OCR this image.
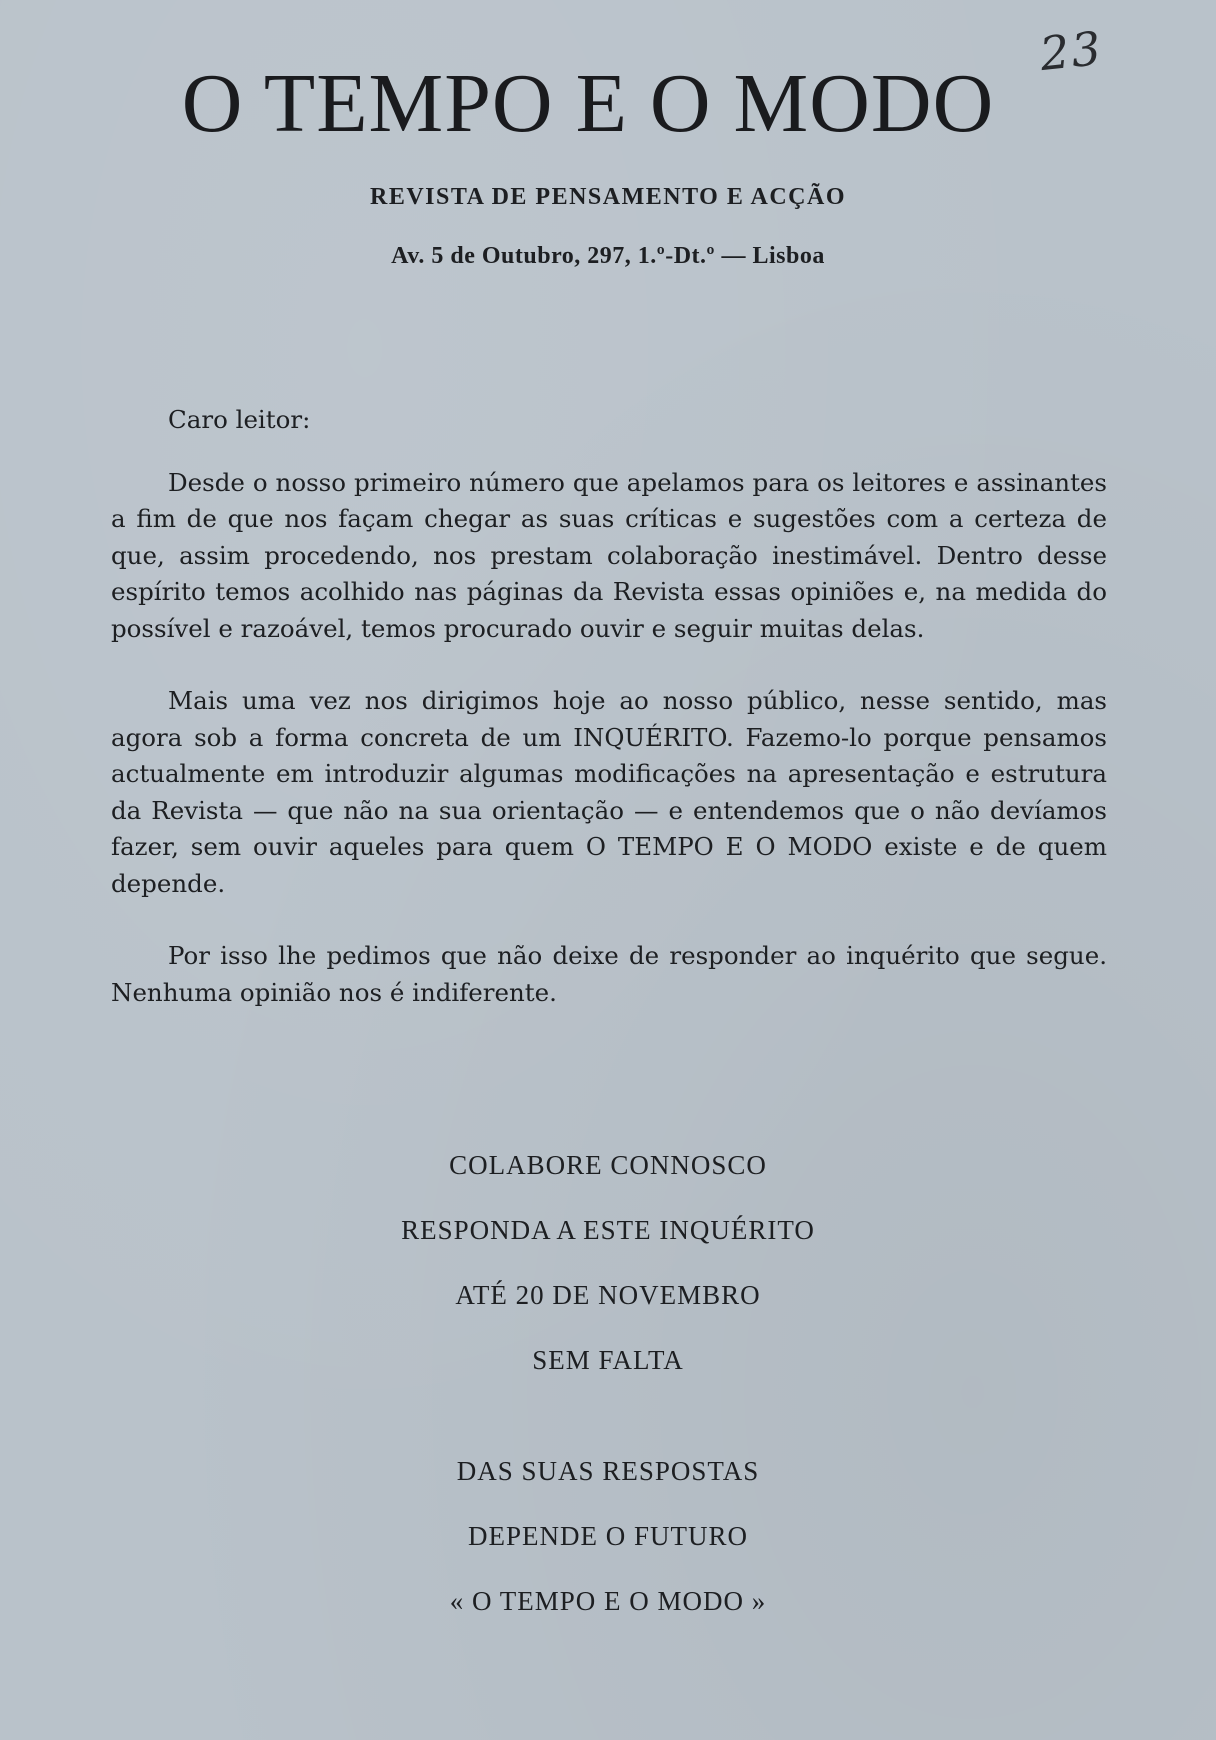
23
O TEMPO E O MODO
REVISTA DE PENSAMENTO E ACÇÃO
Av. 5 de Outubro, 297, 1.º-Dt.º — Lisboa
Caro leitor:

Desde o nosso primeiro número que apelamos para os leitores e assinantes a fim de que nos façam chegar as suas críticas e sugestões com a certeza de que, assim procedendo, nos prestam colaboração inestimável. Dentro desse espírito temos acolhido nas páginas da Revista essas opiniões e, na medida do possível e razoável, temos procurado ouvir e seguir muitas delas.

Mais uma vez nos dirigimos hoje ao nosso público, nesse sentido, mas agora sob a forma concreta de um INQUÉRITO. Fazemo-lo porque pensamos actualmente em introduzir algumas modificações na apresentação e estrutura da Revista — que não na sua orientação — e entendemos que o não devíamos fazer, sem ouvir aqueles para quem O TEMPO E O MODO existe e de quem depende.

Por isso lhe pedimos que não deixe de responder ao inquérito que segue. Nenhuma opinião nos é indiferente.

COLABORE CONNOSCO

RESPONDA A ESTE INQUÉRITO

ATÉ 20 DE NOVEMBRO

SEM FALTA

DAS SUAS RESPOSTAS

DEPENDE O FUTURO

« O TEMPO E O MODO »
